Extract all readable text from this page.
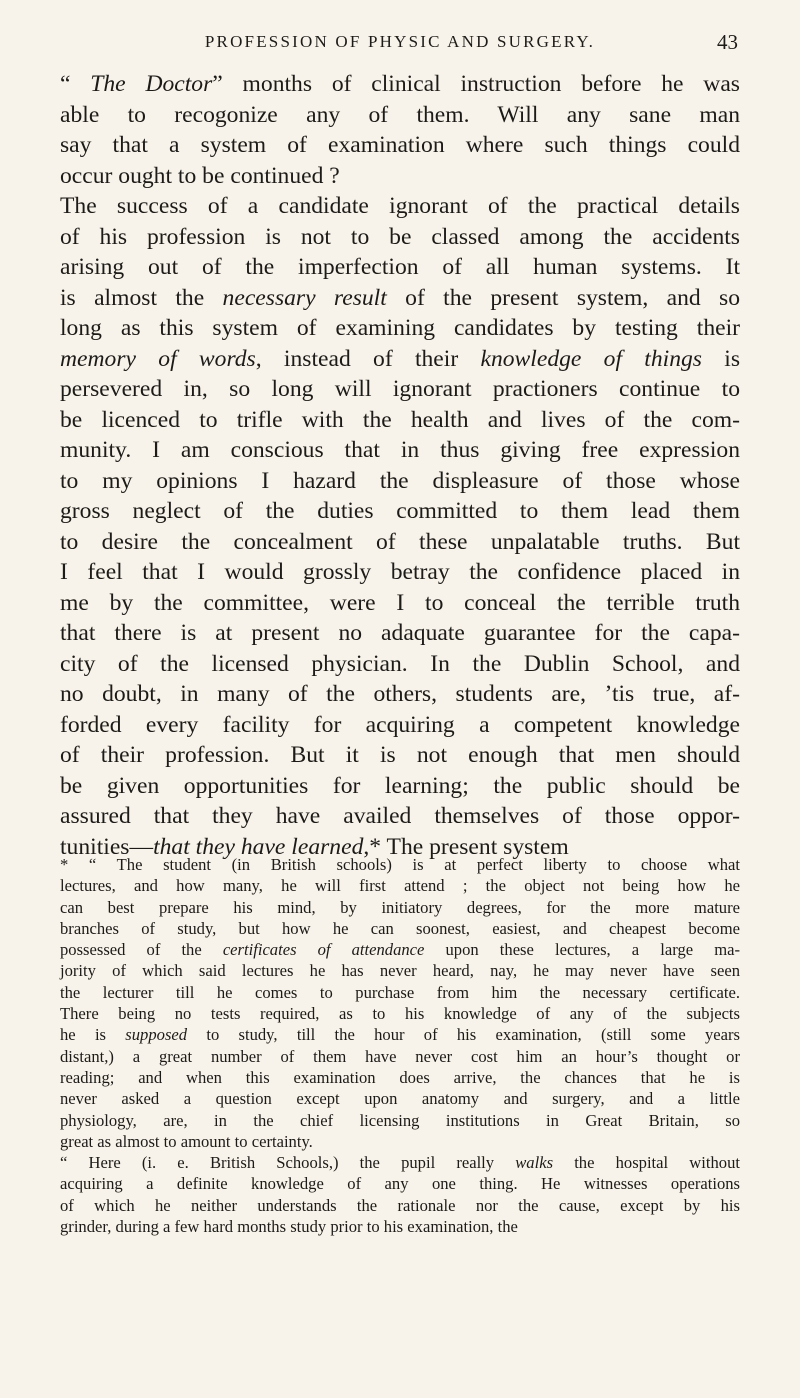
PROFESSION OF PHYSIC AND SURGERY.	43
“ The Doctor” months of clinical instruction before he was
able to recogonize any of them. Will any sane man
say that a system of examination where such things could
occur ought to be continued ?
The success of a candidate ignorant of the practical details
of his profession is not to be classed among the accidents
arising out of the imperfection of all human systems. It
is almost the necessary result of the present system, and so
long as this system of examining candidates by testing their
memory of words, instead of their knowledge of things is
persevered in, so long will ignorant practioners continue to
be licenced to trifle with the health and lives of the com-
munity. I am conscious that in thus giving free expression
to my opinions I hazard the displeasure of those whose
gross neglect of the duties committed to them lead them
to desire the concealment of these unpalatable truths. But
I feel that I would grossly betray the confidence placed in
me by the committee, were I to conceal the terrible truth
that there is at present no adaquate guarantee for the capa-
city of the licensed physician. In the Dublin School, and
no doubt, in many of the others, students are, ’tis true, af-
forded every facility for acquiring a competent knowledge
of their profession. But it is not enough that men should
be given opportunities for learning; the public should be
assured that they have availed themselves of those oppor-
tunities—that they have learned,* The present system
* “ The student (in British schools) is at perfect liberty to choose what
lectures, and how many, he will first attend ; the object not being how he
can best prepare his mind, by initiatory degrees, for the more mature
branches of study, but how he can soonest, easiest, and cheapest become
possessed of the certificates of attendance upon these lectures, a large ma-
jority of which said lectures he has never heard, nay, he may never have seen
the lecturer till he comes to purchase from him the necessary certificate.
There being no tests required, as to his knowledge of any of the subjects
he is supposed to study, till the hour of his examination, (still some years
distant,) a great number of them have never cost him an hour’s thought or
reading; and when this examination does arrive, the chances that he is
never asked a question except upon anatomy and surgery, and a little
physiology, are, in the chief licensing institutions in Great Britain, so
great as almost to amount to certainty.
“ Here (i. e. British Schools,) the pupil really walks the hospital without
acquiring a definite knowledge of any one thing. He witnesses operations
of which he neither understands the rationale nor the cause, except by his
grinder, during a few hard months study prior to his examination, the
